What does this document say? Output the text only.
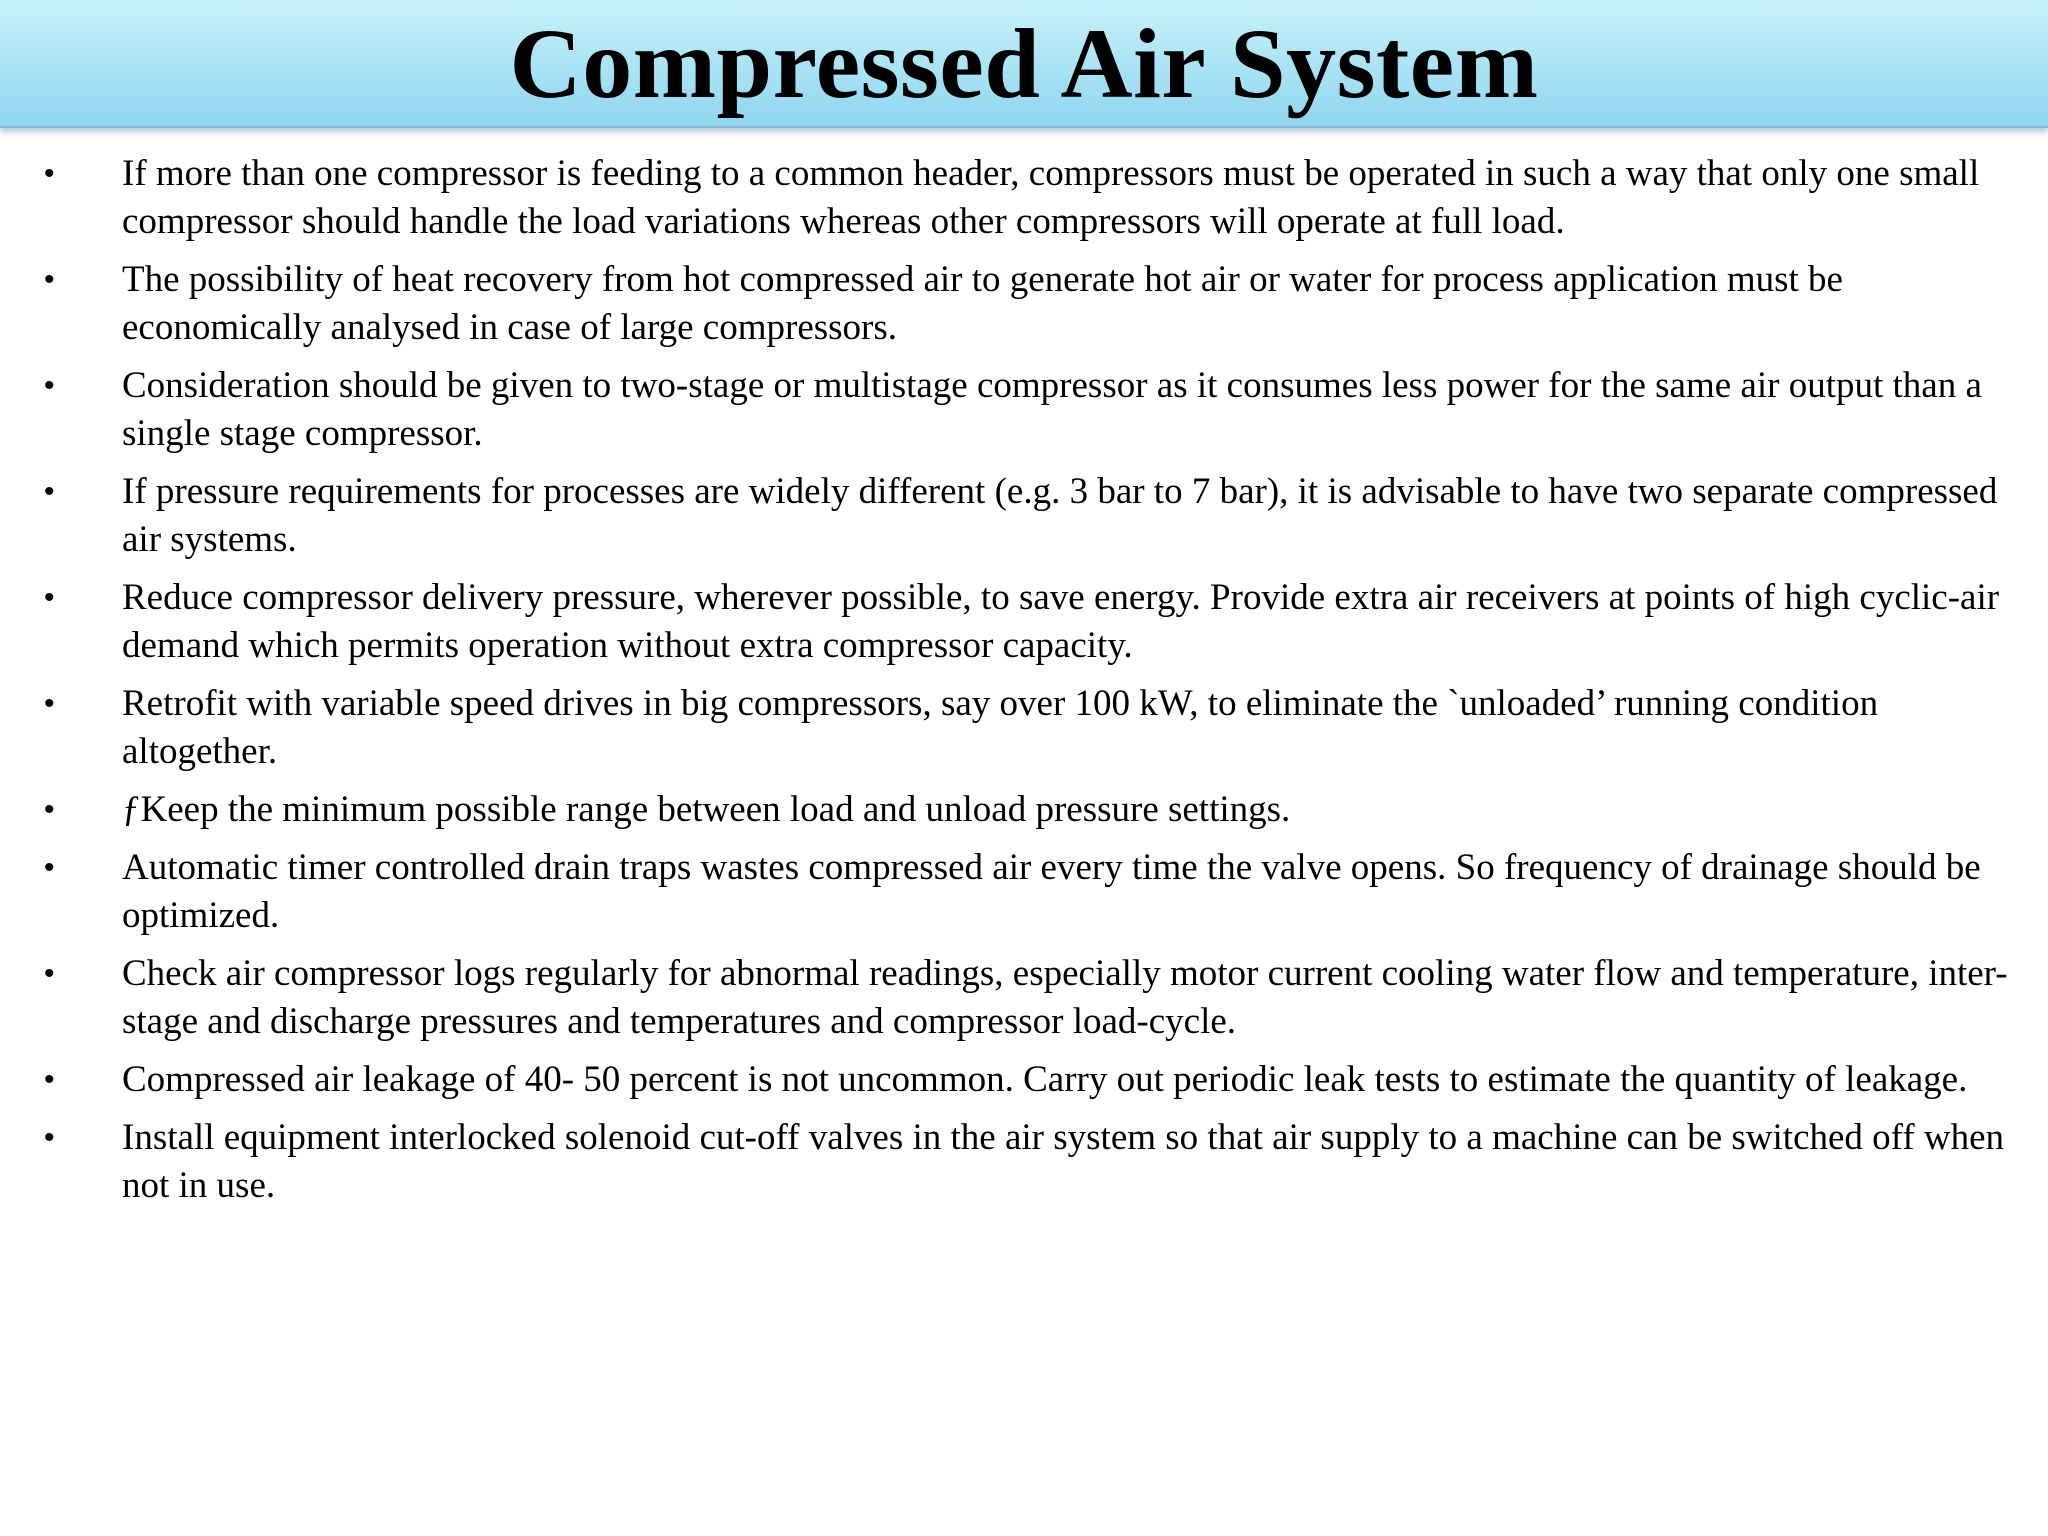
Compressed Air System
• If more than one compressor is feeding to a common header, compressors must be operated in such a way that only one small compressor should handle the load variations whereas other compressors will operate at full load.
• The possibility of heat recovery from hot compressed air to generate hot air or water for process application must be economically analysed in case of large compressors.
• Consideration should be given to two-stage or multistage compressor as it consumes less power for the same air output than a single stage compressor.
• If pressure requirements for processes are widely different (e.g. 3 bar to 7 bar), it is advisable to have two separate compressed air systems.
• Reduce compressor delivery pressure, wherever possible, to save energy. Provide extra air receivers at points of high cyclic-air demand which permits operation without extra compressor capacity.
• Retrofit with variable speed drives in big compressors, say over 100 kW, to eliminate the `unloaded’ running condition altogether.
• ƒKeep the minimum possible range between load and unload pressure settings.
• Automatic timer controlled drain traps wastes compressed air every time the valve opens. So frequency of drainage should be optimized.
• Check air compressor logs regularly for abnormal readings, especially motor current cooling water flow and temperature, inter-stage and discharge pressures and temperatures and compressor load-cycle.
• Compressed air leakage of 40- 50 percent is not uncommon. Carry out periodic leak tests to estimate the quantity of leakage.
• Install equipment interlocked solenoid cut-off valves in the air system so that air supply to a machine can be switched off when not in use.
